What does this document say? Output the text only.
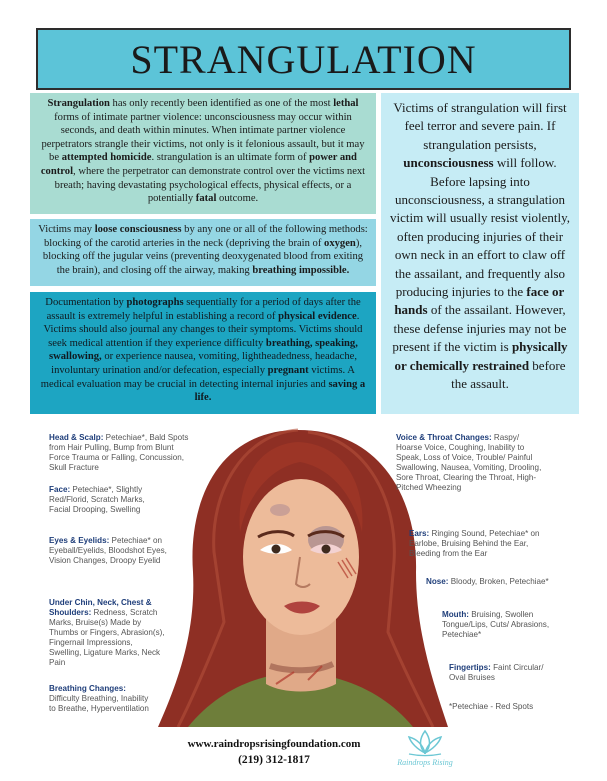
STRANGULATION
Strangulation has only recently been identified as one of the most lethal forms of intimate partner violence: unconsciousness may occur within seconds, and death within minutes. When intimate partner violence perpetrators strangle their victims, not only is it felonious assault, but it may be attempted homicide. strangulation is an ultimate form of power and control, where the perpetrator can demonstrate control over the victims next breath; having devastating psychological effects, physical effects, or a potentially fatal outcome.
Victims may loose consciousness by any one or all of the following methods: blocking of the carotid arteries in the neck (depriving the brain of oxygen), blocking off the jugular veins (preventing deoxygenated blood from exiting the brain), and closing off the airway, making breathing impossible.
Documentation by photographs sequentially for a period of days after the assault is extremely helpful in establishing a record of physical evidence. Victims should also journal any changes to their symptoms. Victims should seek medical attention if they experience difficulty breathing, speaking, swallowing, or experience nausea, vomiting, lightheadedness, headache, involuntary urination and/or defecation, especially pregnant victims. A medical evaluation may be crucial in detecting internal injuries and saving a life.
Victims of strangulation will first feel terror and severe pain. If strangulation persists, unconsciousness will follow. Before lapsing into unconsciousness, a strangulation victim will usually resist violently, often producing injuries of their own neck in an effort to claw off the assailant, and frequently also producing injuries to the face or hands of the assailant. However, these defense injuries may not be present if the victim is physically or chemically restrained before the assault.
Head & Scalp: Petechiae*, Bald Spots from Hair Pulling, Bump from Blunt Force Trauma or Falling, Concussion, Skull Fracture
Face: Petechiae*, Slightly Red/Florid, Scratch Marks, Facial Drooping, Swelling
Eyes & Eyelids: Petechiae* on Eyeball/Eyelids, Bloodshot Eyes, Vision Changes, Droopy Eyelid
Under Chin, Neck, Chest & Shoulders: Redness, Scratch Marks, Bruise(s) Made by Thumbs or Fingers, Abrasion(s), Fingernail Impressions, Swelling, Ligature Marks, Neck Pain
Breathing Changes: Difficulty Breathing, Inability to Breathe, Hyperventilation
Voice & Throat Changes: Raspy/ Hoarse Voice, Coughing, Inability to Speak, Loss of Voice, Trouble/ Painful Swallowing, Nausea, Vomiting, Drooling, Sore Throat, Clearing the Throat, High-Pitched Wheezing
Ears: Ringing Sound, Petechiae* on Earlobe, Bruising Behind the Ear, Bleeding from the Ear
Nose: Bloody, Broken, Petechiae*
Mouth: Bruising, Swollen Tongue/Lips, Cuts/ Abrasions, Petechiae*
Fingertips: Faint Circular/ Oval Bruises
*Petechiae - Red Spots
www.raindropsrisingfoundation.com
(219) 312-1817	Raindrops Rising
